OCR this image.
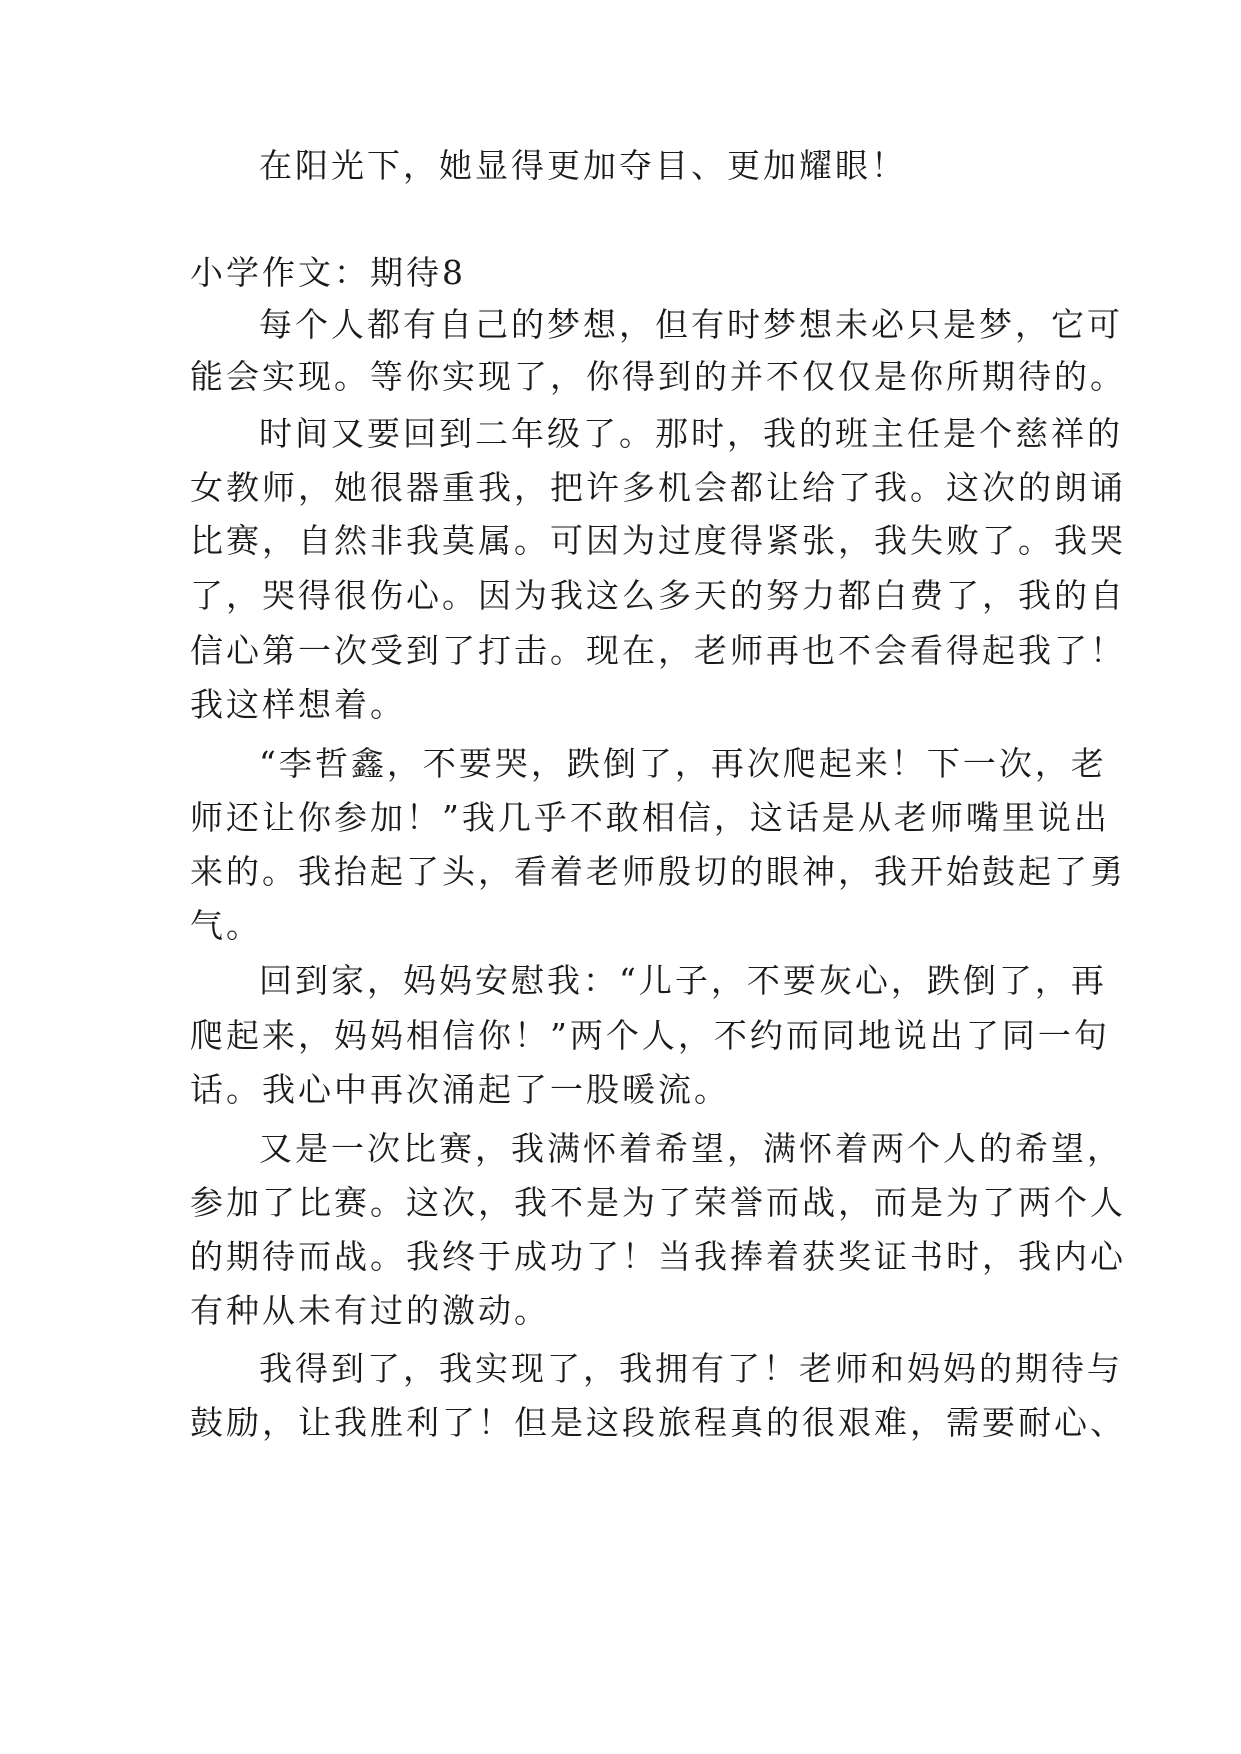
在阳光下，她显得更加夺目、更加耀眼！

小学作文：期待8

每个人都有自己的梦想，但有时梦想未必只是梦，它可

能会实现。等你实现了，你得到的并不仅仅是你所期待的。

时间又要回到二年级了。那时，我的班主任是个慈祥的

女教师，她很器重我，把许多机会都让给了我。这次的朗诵

比赛，自然非我莫属。可因为过度得紧张，我失败了。我哭

了，哭得很伤心。因为我这么多天的努力都白费了，我的自

信心第一次受到了打击。现在，老师再也不会看得起我了！

我这样想着。

“李哲鑫，不要哭，跌倒了，再次爬起来！下一次，老

师还让你参加！”我几乎不敢相信，这话是从老师嘴里说出

来的。我抬起了头，看着老师殷切的眼神，我开始鼓起了勇

气。

回到家，妈妈安慰我：“儿子，不要灰心，跌倒了，再

爬起来，妈妈相信你！”两个人，不约而同地说出了同一句

话。我心中再次涌起了一股暖流。

又是一次比赛，我满怀着希望，满怀着两个人的希望，

参加了比赛。这次，我不是为了荣誉而战，而是为了两个人

的期待而战。我终于成功了！当我捧着获奖证书时，我内心

有种从未有过的激动。

我得到了，我实现了，我拥有了！老师和妈妈的期待与

鼓励，让我胜利了！但是这段旅程真的很艰难，需要耐心、
